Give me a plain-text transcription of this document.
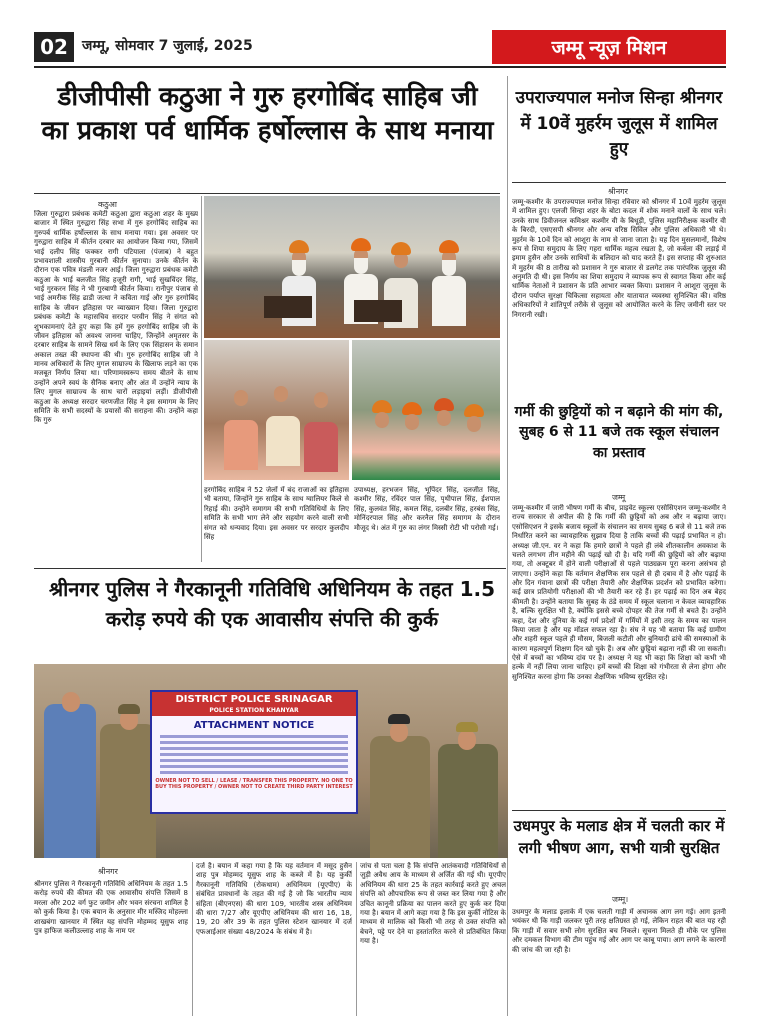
02	जम्मू, सोमवार 7 जुलाई, 2025	जम्मू न्यूज़ मिशन
डीजीपीसी कठुआ ने गुरु हरगोबिंद साहिब जी का प्रकाश पर्व धार्मिक हर्षोल्लास के साथ मनाया
उपराज्यपाल मनोज सिन्हा श्रीनगर में 10वें मुहर्रम जुलूस में शामिल हुए
कठुआ
जिला गुरुद्वारा प्रबंधक कमेटी कठुआ द्वारा कठुआ शहर के मुख्य बाजार में स्थित गुरुद्वारा सिंह सभा में गुरु हरगोबिंद साहिब का गुरुपर्ब धार्मिक हर्षोल्लास के साथ मनाया गया। इस अवसर पर गुरुद्वारा साहिब में कीर्तन दरबार का आयोजन किया गया, जिसमें भाई दलीप सिंह फक्कर रागी पटियाला (पंजाब) ने बहुत प्रभावशाली शास्त्रीय गुरबानी कीर्तन सुनाया। उनके कीर्तन के दौरान एक पवित्र मंडली नजर आई। जिला गुरुद्वारा प्रबंधक कमेटी कठुआ के भाई बलजीत सिंह हजूरी रागी, भाई सुखविंदर सिंह, भाई गुरकरन सिंह ने भी गुरबाणी कीर्तन किया। रानीपुर पंजाब से भाई अमरीक सिंह ढाडी जत्था ने कविता गाई और गुरु हरगोबिंद साहिब के जीवन इतिहास पर व्याख्यान दिया। जिला गुरुद्वारा प्रबंधक कमेटी के महासचिव सरदार परवीन सिंह ने संगत को शुभकामनाएं देते हुए कहा कि हमें गुरु हरगोबिंद साहिब जी के जीवन इतिहास को अवश्य जानना चाहिए, जिन्होंने अमृतसर के दरबार साहिब के सामने सिख धर्म के लिए एक सिंहासन के समान अकाल तख्त की स्थापना की थी। गुरु हरगोबिंद साहिब जी ने मानव अधिकारों के लिए मुगल साम्राज्य के खिलाफ लड़ने का एक मजबूत निर्णय लिया था। परिणामस्वरूप समय बीतने के साथ उन्होंने अपने स्वयं के सैनिक बनाए और अंत में उन्होंने न्याय के लिए मुगल साम्राज्य के साथ चारों लड़ाइयां लड़ीं। डीजीपीसी कठुआ के अध्यक्ष सरदार चरणजीत सिंह ने इस समागम के लिए समिति के सभी सदस्यों के प्रयासों की सराहना की। उन्होंने कहा कि गुरु
हरगोबिंद साहिब ने 52 जेलों में बंद राजाओं का इतिहास भी बताया, जिन्होंने गुरु साहिब के साथ ग्वालियर किले से रिहाई की। उन्होंने समागम की सभी गतिविधियों के लिए समिति के सभी भाग लेने और सहयोग करने वाली सभी संगत को धन्यवाद दिया। इस अवसर पर सरदार कुलदीप सिंह
उपाध्यक्ष, हरभजन सिंह, भूपिंदर सिंह, दलजीत सिंह, कश्मीर सिंह, रविंदर पाल सिंह, पृथीपाल सिंह, ईशपाल सिंह, कुलवंत सिंह, कमल सिंह, दलबीर सिंह, हरबंस सिंह, मोनिंदरपाल सिंह और करनैल सिंह समागम के दौरान मौजूद थे। अंत में गुरु का लंगर मिस्सी रोटी भी परोसी गई।
श्रीनगर
जम्मू-कश्मीर के उपराज्यपाल मनोज सिन्हा रविवार को श्रीनगर में 10वें मुहर्रम जुलूस में शामिल हुए। एलजी सिन्हा शहर के बोटा कदल में शोक मनाने वालों के साथ चले। उनके साथ डिवीजनल कमिश्नर कश्मीर वी के बिधूड़ी, पुलिस महानिरीक्षक कश्मीर वी के बिरदी, एसएसपी श्रीनगर और अन्य वरिष्ठ सिविल और पुलिस अधिकारी भी थे। मुहर्रम के 10वें दिन को आशूरा के नाम से जाना जाता है। यह दिन मुसलमानों, विशेष रूप से शिया समुदाय के लिए गहरा धार्मिक महत्व रखता है, जो कर्बला की लड़ाई में इमाम हुसैन और उनके साथियों के बलिदान को याद करते हैं। इस सप्ताह की शुरुआत में मुहर्रम की 8 तारीख को प्रशासन ने गुरु बाजार से डलगेट तक पारंपरिक जुलूस की अनुमति दी थी। इस निर्णय का शिया समुदाय ने व्यापक रूप से स्वागत किया और कई धार्मिक नेताओं ने प्रशासन के प्रति आभार व्यक्त किया। प्रशासन ने आशूरा जुलूस के दौरान पर्याप्त सुरक्षा चिकित्सा सहायता और यातायात व्यवस्था सुनिश्चित की। वरिष्ठ अधिकारियों ने शांतिपूर्ण तरीके से जुलूस को आयोजित करने के लिए जमीनी स्तर पर निगरानी रखी।
गर्मी की छुट्टियों को न बढ़ाने की मांग की, सुबह 6 से 11 बजे तक स्कूल संचालन का प्रस्ताव
जम्मू
जम्मू-कश्मीर में जारी भीषण गर्मी के बीच, प्राइवेट स्कूल्स एसोसिएशन जम्मू-कश्मीर ने राज्य सरकार से अपील की है कि गर्मी की छुट्टियों को अब और न बढ़ाया जाए। एसोसिएशन ने इसके बजाय स्कूलों के संचालन का समय सुबह 6 बजे से 11 बजे तक निर्धारित करने का व्यावहारिक सुझाव दिया है ताकि बच्चों की पढ़ाई प्रभावित न हो। अध्यक्ष जी.एन. वर ने कहा कि हमारे छात्रों ने पहले ही लंबे शीतकालीन अवकाश के चलते लगभग तीन महीने की पढ़ाई खो दी है। यदि गर्मी की छुट्टियों को और बढ़ाया गया, तो अक्टूबर में होने वाली परीक्षाओं से पहले पाठ्यक्रम पूरा करना असंभव हो जाएगा। उन्होंने कहा कि वर्तमान शैक्षणिक सत्र पहले से ही दबाव में है और पढ़ाई के और दिन गंवाना छात्रों की परीक्षा तैयारी और शैक्षणिक प्रदर्शन को प्रभावित करेगा। कई छात्र प्रतियोगी परीक्षाओं की भी तैयारी कर रहे हैं। हर पढ़ाई का दिन अब बेहद कीमती है। उन्होंने बताया कि सुबह के ठंडे समय में स्कूल चलाना न केवल व्यावहारिक है, बल्कि सुरक्षित भी है, क्योंकि इससे बच्चे दोपहर की तेज गर्मी से बचते हैं। उन्होंने कहा, देश और दुनिया के कई गर्म प्रदेशों में गर्मियों में इसी तरह के समय का पालन किया जाता है और यह मॉडल सफल रहा है। संघ ने यह भी बताया कि कई ग्रामीण और शहरी स्कूल पहले ही मौसम, बिजली कटौती और बुनियादी ढांचे की समस्याओं के कारण महत्वपूर्ण शिक्षण दिन खो चुके हैं। अब और छुट्टियां बढ़ाना नहीं की जा सकती। ऐसे में बच्चों का भविष्य दांव पर है। अध्यक्ष ने यह भी कहा कि शिक्षा को कभी भी हल्के में नहीं लिया जाना चाहिए। हमें बच्चों की शिक्षा को गंभीरता से लेना होगा और सुनिश्चित करना होगा कि उनका शैक्षणिक भविष्य सुरक्षित रहे।
उधमपुर के मलाड क्षेत्र में चलती कार में लगी भीषण आग, सभी यात्री सुरक्षित
जम्मू।
उधमपुर के मलाड इलाके में एक चलती गाड़ी में अचानक आग लग गई। आग इतनी भयंकर थी कि गाड़ी जलकर पूरी तरह क्षतिग्रस्त हो गई, लेकिन राहत की बात यह रही कि गाड़ी में सवार सभी लोग सुरक्षित बच निकले। सूचना मिलते ही मौके पर पुलिस और दमकल विभाग की टीम पहुंच गई और आग पर काबू पाया। आग लगने के कारणों की जांच की जा रही है।
श्रीनगर पुलिस ने गैरकानूनी गतिविधि अधिनियम के तहत 1.5 करोड़ रुपये की एक आवासीय संपत्ति की कुर्क
DISTRICT POLICE SRINAGAR
POLICE STATION KHANYAR
ATTACHMENT NOTICE
OWNER NOT TO SELL / LEASE / TRANSFER THIS PROPERTY. NO ONE TO BUY THIS PROPERTY / OWNER NOT TO CREATE THIRD PARTY INTEREST
श्रीनगर
श्रीनगर पुलिस ने गैरकानूनी गतिविधि अधिनियम के तहत 1.5 करोड़ रुपये की कीमत की एक आवासीय संपत्ति जिसमें 8 मरला और 202 वर्ग फुट जमीन और भवन संरचना शामिल है को कुर्क किया है। एक बयान के अनुसार मीर मस्जिद मोहल्ला शाखबंगा खानयार में स्थित यह संपत्ति मोहम्मद यूसुफ शाह पुत्र हाफिज कलीउल्लाह शाह के नाम पर
दर्ज है। बयान में कहा गया है कि यह वर्तमान में मसूद हुसैन शाह पुत्र मोहम्मद यूसुफ शाह के कब्जे में है। यह कुर्की गैरकानूनी गतिविधि (रोकथाम) अधिनियम (यूएपीए) के संबंधित प्रावधानों के तहत की गई है जो कि भारतीय न्याय संहिता (बीएनएस) की धारा 109, भारतीय शस्त्र अधिनियम की धारा 7/27 और यूएपीए अधिनियम की धारा 16, 18, 19, 20 और 39 के तहत पुलिस स्टेशन खानयार में दर्ज एफआईआर संख्या 48/2024 के संबंध में है।
जांच से पता चला है कि संपत्ति आतंकवादी गतिविधियों से जुड़ी अवैध आय के माध्यम से अर्जित की गई थी। यूएपीए अधिनियम की धारा 25 के तहत कार्रवाई करते हुए अचल संपत्ति को औपचारिक रूप से जब्त कर लिया गया है और उचित कानूनी प्रक्रिया का पालन करते हुए कुर्क कर दिया गया है। बयान में आगे कहा गया है कि इस कुर्की नोटिस के माध्यम से मालिक को किसी भी तरह से उक्त संपत्ति को बेचने, पट्टे पर देने या हस्तांतरित करने से प्रतिबंधित किया गया है।
